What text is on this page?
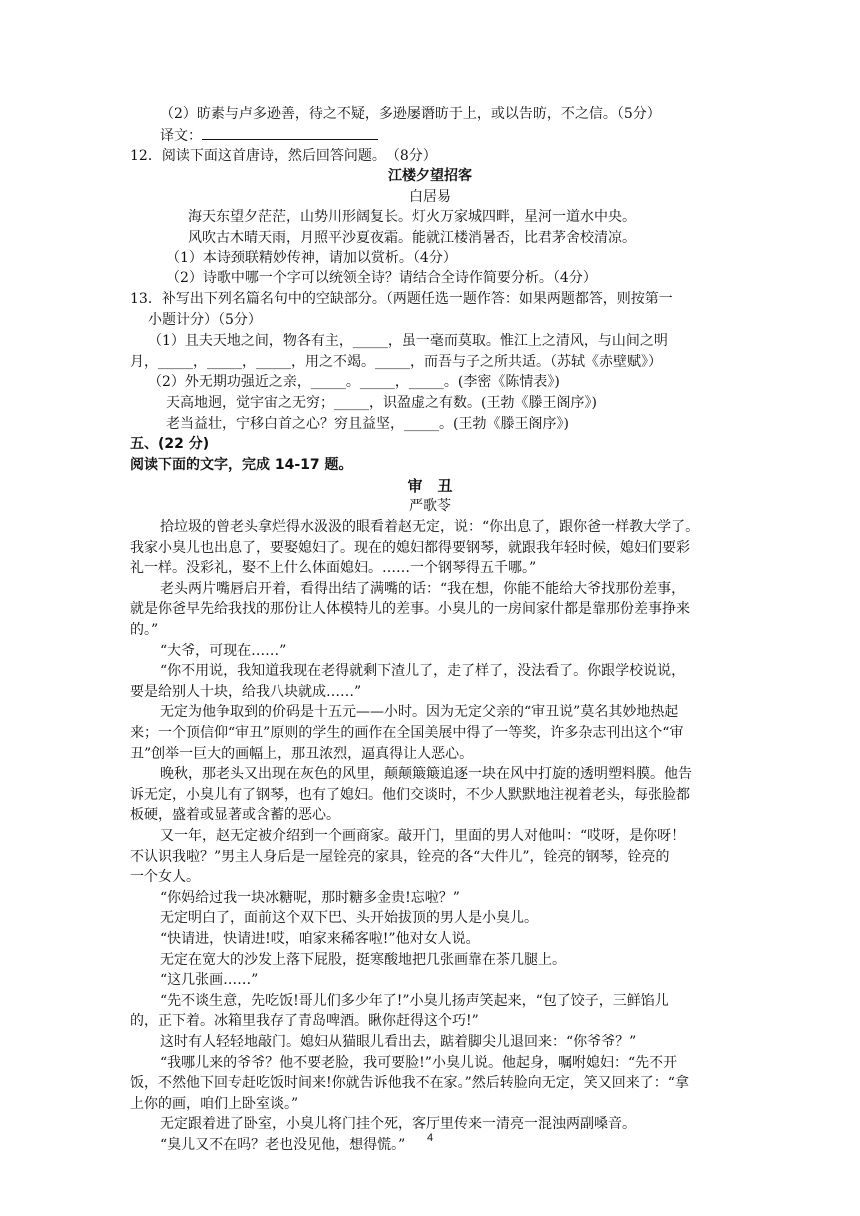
（2）昉素与卢多逊善，待之不疑，多逊屡谮昉于上，或以告昉，不之信。（5分）
译文：
12．阅读下面这首唐诗，然后回答问题。　（8分）
江楼夕望招客
白居易
海天东望夕茫茫，山势川形阔复长。灯火万家城四畔，星河一道水中央。
风吹古木晴天雨，月照平沙夏夜霜。能就江楼消暑否，比君茅舍校清凉。
（1）本诗颈联精妙传神，请加以赏析。（4分）
（2）诗歌中哪一个字可以统领全诗？请结合全诗作简要分析。（4分）
13．补写出下列名篇名句中的空缺部分。（两题任选一题作答：如果两题都答，则按第一
小题计分）（5分）
（1）且夫天地之间，物各有主，_____，虽一毫而莫取。惟江上之清风，与山间之明
月，_____，_____，_____，用之不竭。_____，而吾与子之所共适。（苏轼《赤壁赋》）
（2）外无期功强近之亲，_____。_____，_____。(李密《陈情表》)
天高地迥，觉宇宙之无穷；_____，识盈虚之有数。(王勃《滕王阁序》)
老当益壮，宁移白首之心？穷且益坚，_____。(王勃《滕王阁序》)
五、(22 分)
阅读下面的文字，完成 14-17 题。
审　丑
严歌苓
拾垃圾的曾老头拿烂得水汲汲的眼看着赵无定，说：“你出息了，跟你爸一样教大学了。
我家小臭儿也出息了，要娶媳妇了。现在的媳妇都得要钢琴，就跟我年轻时候，媳妇们要彩
礼一样。没彩礼，娶不上什么体面媳妇。……一个钢琴得五千哪。”
老头两片嘴唇启开着，看得出结了满嘴的话：“我在想，你能不能给大爷找那份差事，
就是你爸早先给我找的那份让人体模特儿的差事。小臭儿的一房间家什都是靠那份差事挣来
的。”
“大爷，可现在……”
“你不用说，我知道我现在老得就剩下渣儿了，走了样了，没法看了。你跟学校说说，
要是给别人十块，给我八块就成……”
无定为他争取到的价码是十五元——小时。因为无定父亲的“审丑说”莫名其妙地热起
来；一个顶信仰“审丑”原则的学生的画作在全国美展中得了一等奖，许多杂志刊出这个“审
丑”创举一巨大的画幅上，那丑浓烈，逼真得让人恶心。
晚秋，那老头又出现在灰色的风里，颠颠簸簸追逐一块在风中打旋的透明塑料膜。他告
诉无定，小臭儿有了钢琴，也有了媳妇。他们交谈时，不少人默默地注视着老头，每张脸都
板硬，盛着或显著或含蓄的恶心。
又一年，赵无定被介绍到一个画商家。敲开门，里面的男人对他叫：“哎呀，是你呀！
不认识我啦？”男主人身后是一屋铨亮的家具，铨亮的各“大件儿”，铨亮的钢琴，铨亮的
一个女人。
“你妈给过我一块冰糖呢，那时糖多金贵!忘啦？”
无定明白了，面前这个双下巴、头开始拔顶的男人是小臭儿。
“快请进，快请进!哎，咱家来稀客啦!”他对女人说。
无定在宽大的沙发上落下屁股，挺寒酸地把几张画靠在茶几腿上。
“这几张画……”
“先不谈生意，先吃饭!哥儿们多少年了!”小臭儿扬声笑起来，“包了饺子，三鲜馅儿
的，正下着。冰箱里我存了青岛啤酒。瞅你赶得这个巧!”
这时有人轻轻地敲门。媳妇从猫眼儿看出去，踮着脚尖儿退回来：“你爷爷？”
“我哪儿来的爷爷？他不要老脸，我可要脸!”小臭儿说。他起身，嘱咐媳妇：“先不开
饭，不然他下回专赶吃饭时间来!你就告诉他我不在家。”然后转脸向无定，笑又回来了：“拿
上你的画，咱们上卧室谈。”
无定跟着进了卧室，小臭儿将门挂个死，客厅里传来一清亮一混浊两副嗓音。
“臭儿又不在吗？老也没见他，想得慌。”	4
